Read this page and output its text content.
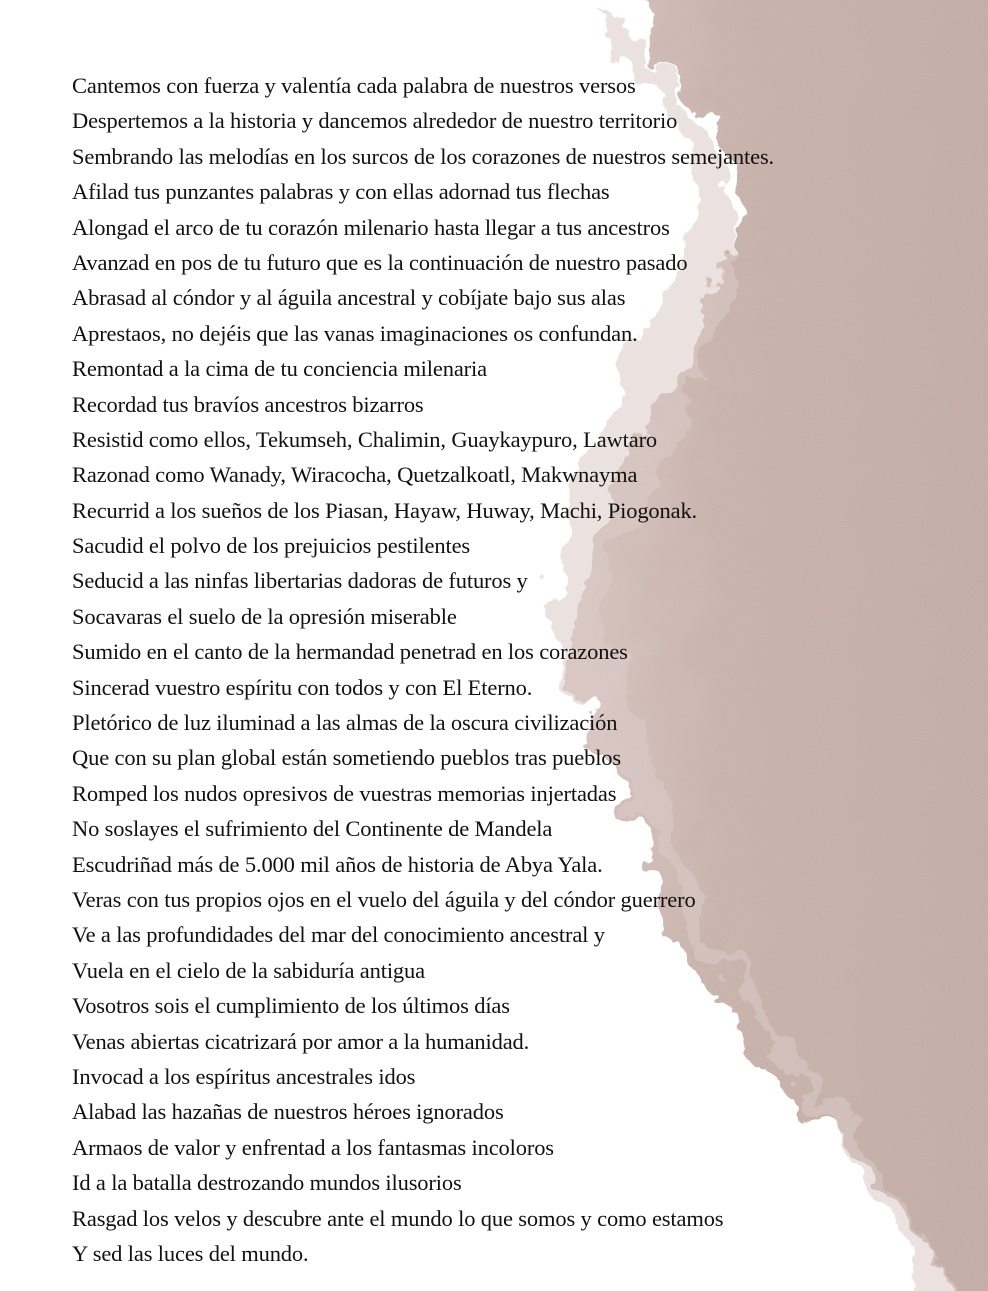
Cantemos con fuerza y valentía cada palabra de nuestros versos
Despertemos a la historia y dancemos alrededor de nuestro territorio
Sembrando las melodías en los surcos de los corazones de nuestros semejantes.
Afilad tus punzantes palabras y con ellas adornad tus flechas
Alongad el arco de tu corazón milenario hasta llegar a tus ancestros
Avanzad en pos de tu futuro que es la continuación de nuestro pasado
Abrasad al cóndor y al águila ancestral y cobíjate bajo sus alas
Aprestaos, no dejéis que las vanas imaginaciones os confundan.
Remontad a la cima de tu conciencia milenaria
Recordad tus bravíos ancestros bizarros
Resistid como ellos, Tekumseh, Chalimin, Guaykaypuro, Lawtaro
Razonad como Wanady, Wiracocha, Quetzalkoatl, Makwnayma
Recurrid a los sueños de los Piasan, Hayaw, Huway, Machi, Piogonak.
Sacudid el polvo de los prejuicios pestilentes
Seducid a las ninfas libertarias dadoras de futuros y
Socavaras el suelo de la opresión miserable
Sumido en el canto de la hermandad penetrad en los corazones
Sincerad vuestro espíritu con todos y con El Eterno.
Pletórico de luz iluminad a las almas de la oscura civilización
Que con su plan global están sometiendo pueblos tras pueblos
Romped los nudos opresivos de vuestras memorias injertadas
No soslayes el sufrimiento del Continente de Mandela
Escudriñad más de 5.000 mil años de historia de Abya Yala.
Veras con tus propios ojos en el vuelo del águila y del cóndor guerrero
Ve a las profundidades del mar del conocimiento ancestral y
Vuela en el cielo de la sabiduría antigua
Vosotros sois el cumplimiento de los últimos días
Venas abiertas cicatrizará por amor a la humanidad.
Invocad a los espíritus ancestrales idos
Alabad las hazañas de nuestros héroes ignorados
Armaos de valor y enfrentad a los fantasmas incoloros
Id a la batalla destrozando mundos ilusorios
Rasgad los velos y descubre ante el mundo lo que somos y como estamos
Y sed las luces del mundo.
